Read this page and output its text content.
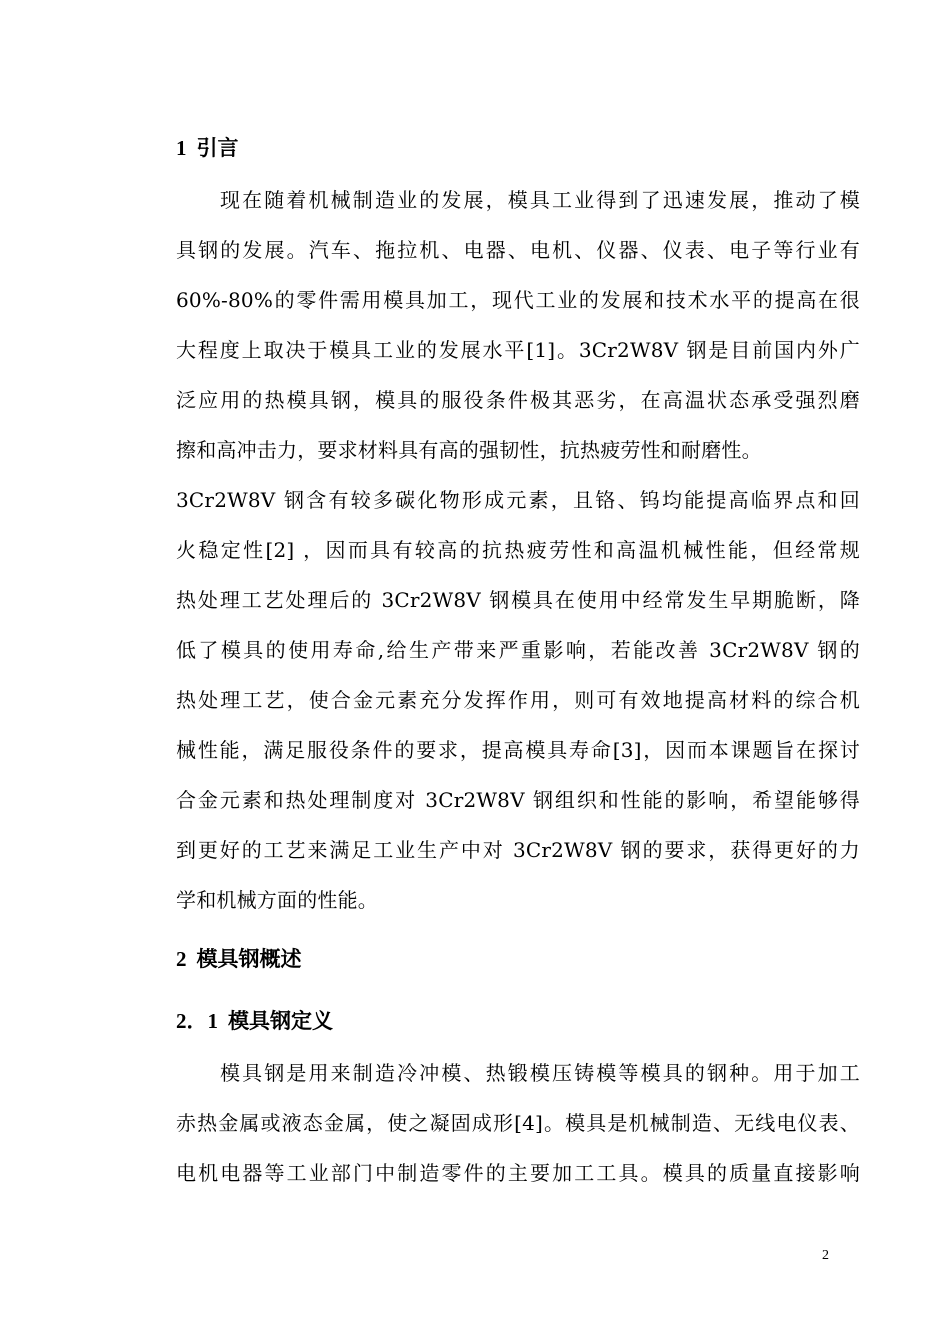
1 引言
现在随着机械制造业的发展，模具工业得到了迅速发展，推动了模
具钢的发展。汽车、拖拉机、电器、电机、仪器、仪表、电子等行业有
60%-80%的零件需用模具加工，现代工业的发展和技术水平的提高在很
大程度上取决于模具工业的发展水平[1]。3Cr2W8V 钢是目前国内外广
泛应用的热模具钢，模具的服役条件极其恶劣，在高温状态承受强烈磨
擦和高冲击力，要求材料具有高的强韧性，抗热疲劳性和耐磨性。
3Cr2W8V 钢含有较多碳化物形成元素，且铬、钨均能提高临界点和回
火稳定性[2] ，因而具有较高的抗热疲劳性和高温机械性能，但经常规
热处理工艺处理后的 3Cr2W8V 钢模具在使用中经常发生早期脆断，降
低了模具的使用寿命,给生产带来严重影响，若能改善 3Cr2W8V 钢的
热处理工艺，使合金元素充分发挥作用，则可有效地提高材料的综合机
械性能，满足服役条件的要求，提高模具寿命[3]，因而本课题旨在探讨
合金元素和热处理制度对 3Cr2W8V 钢组织和性能的影响，希望能够得
到更好的工艺来满足工业生产中对 3Cr2W8V 钢的要求，获得更好的力
学和机械方面的性能。
2 模具钢概述
2．1 模具钢定义
模具钢是用来制造冷冲模、热锻模压铸模等模具的钢种。用于加工
赤热金属或液态金属，使之凝固成形[4]。模具是机械制造、无线电仪表、
电机电器等工业部门中制造零件的主要加工工具。模具的质量直接影响
2
